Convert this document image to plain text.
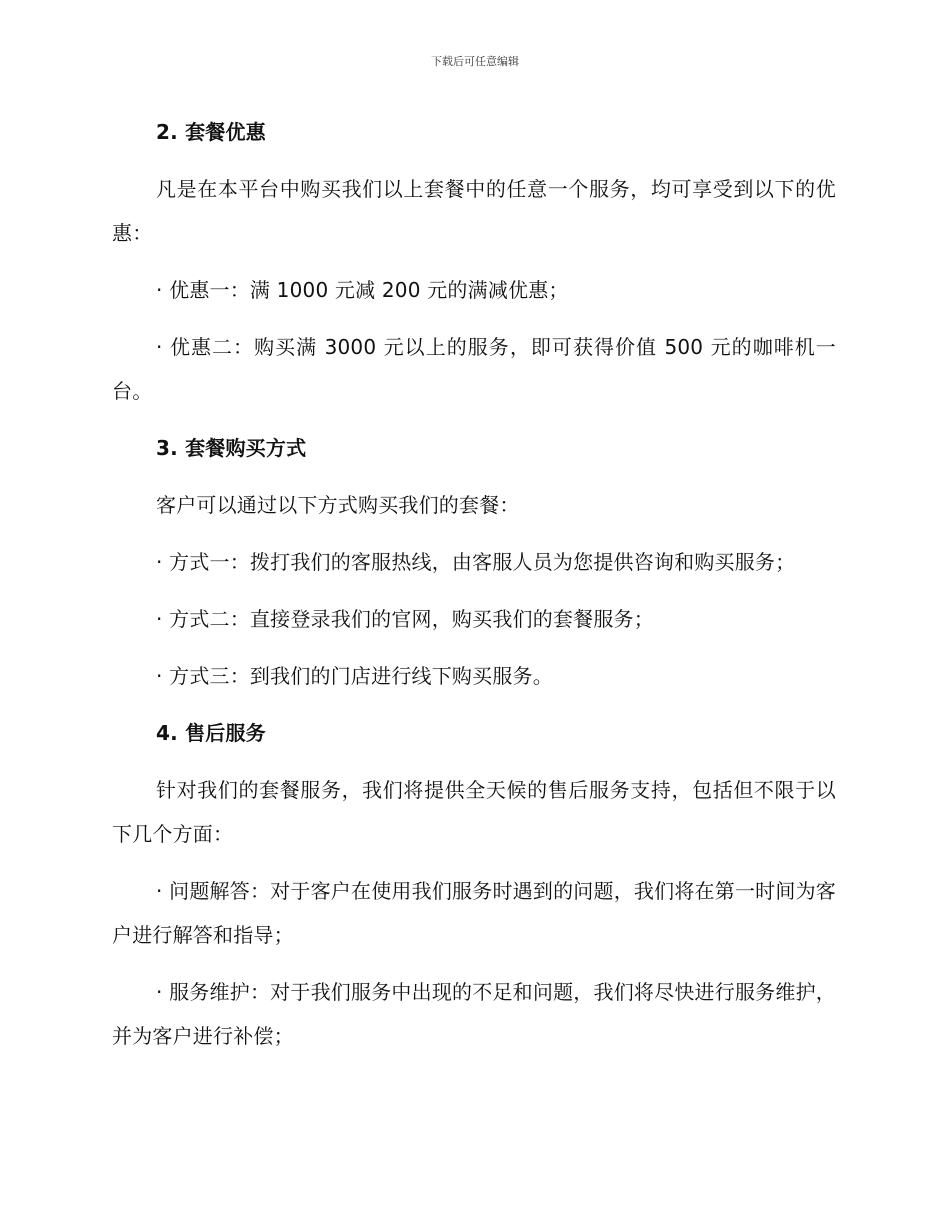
下载后可任意编辑

2. 套餐优惠

凡是在本平台中购买我们以上套餐中的任意一个服务，均可享受到以下的优惠：

· 优惠一：满 1000 元减 200 元的满减优惠；

· 优惠二：购买满 3000 元以上的服务，即可获得价值 500 元的咖啡机一台。

3. 套餐购买方式

客户可以通过以下方式购买我们的套餐：

· 方式一：拨打我们的客服热线，由客服人员为您提供咨询和购买服务；

· 方式二：直接登录我们的官网，购买我们的套餐服务；

· 方式三：到我们的门店进行线下购买服务。

4. 售后服务

针对我们的套餐服务，我们将提供全天候的售后服务支持，包括但不限于以下几个方面：

· 问题解答：对于客户在使用我们服务时遇到的问题，我们将在第一时间为客户进行解答和指导；

· 服务维护：对于我们服务中出现的不足和问题，我们将尽快进行服务维护，并为客户进行补偿；
